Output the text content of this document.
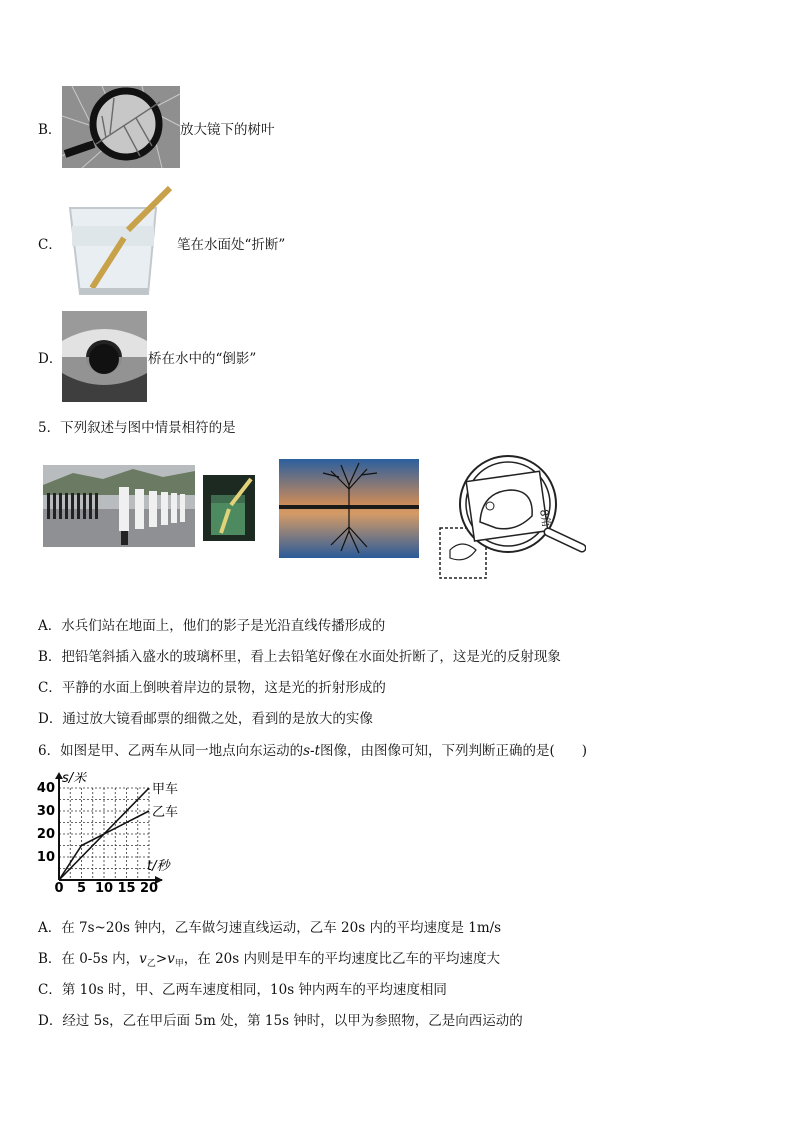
B．	放大镜下的树叶
C．	笔在水面处“折断”
D．	桥在水中的“倒影”
5．下列叙述与图中情景相符的是
8角
A．水兵们站在地面上，他们的影子是光沿直线传播形成的
B．把铅笔斜插入盛水的玻璃杯里，看上去铅笔好像在水面处折断了，这是光的反射现象
C．平静的水面上倒映着岸边的景物，这是光的折射形成的
D．通过放大镜看邮票的细微之处，看到的是放大的实像
6．如图是甲、乙两车从同一地点向东运动的s-t图像，由图像可知，下列判断正确的是(　　)
s/米
t/秒
10
20
30
40
0 5 10 15 20
甲车
乙车
A．在 7s~20s 钟内，乙车做匀速直线运动，乙车 20s 内的平均速度是 1m/s
B．在 0-5s 内，$v_乙>v_甲$，在 20s 内则是甲车的平均速度比乙车的平均速度大
C．第 10s 时，甲、乙两车速度相同，10s 钟内两车的平均速度相同
D．经过 5s，乙在甲后面 5m 处，第 15s 钟时，以甲为参照物，乙是向西运动的
